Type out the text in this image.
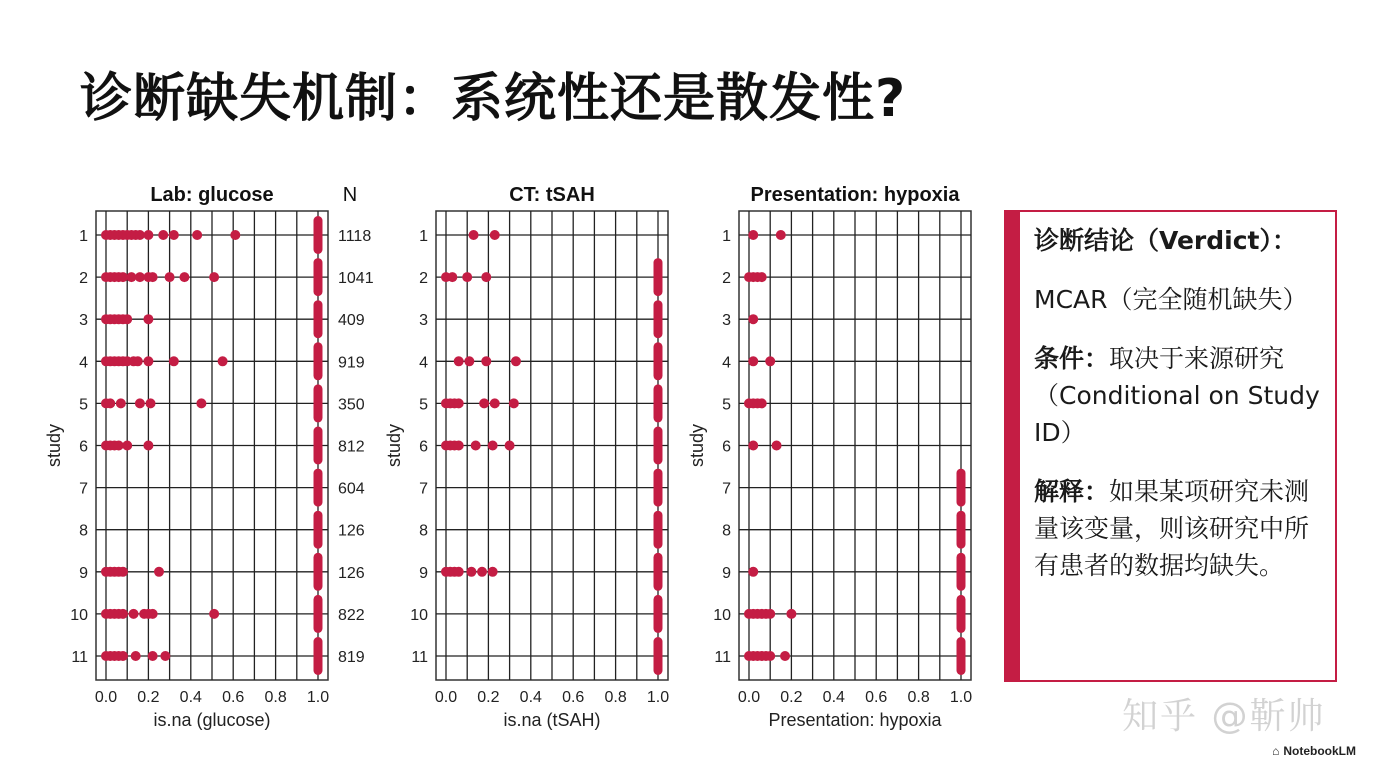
诊断缺失机制：系统性还是散发性?
Lab: glucose
1
2
3
4
5
6
7
8
9
10
11
0.0 0.2 0.4 0.6 0.8 1.0
is.na (glucose)
study
N
1118
1041
409
919
350
812
604
126
126
822
819
CT: tSAH
1
2
3
4
5
6
7
8
9
10
11
0.0 0.2 0.4 0.6 0.8 1.0
is.na (tSAH)
study
Presentation: hypoxia
1
2
3
4
5
6
7
8
9
10
11
0.0 0.2 0.4 0.6 0.8 1.0
Presentation: hypoxia
study

诊断结论（Verdict）：

MCAR（完全随机缺失）

条件：取决于来源研究（Conditional on Study ID）

解释：如果某项研究未测量该变量，则该研究中所有患者的数据均缺失。

知乎 @靳帅
⌂ NotebookLM
